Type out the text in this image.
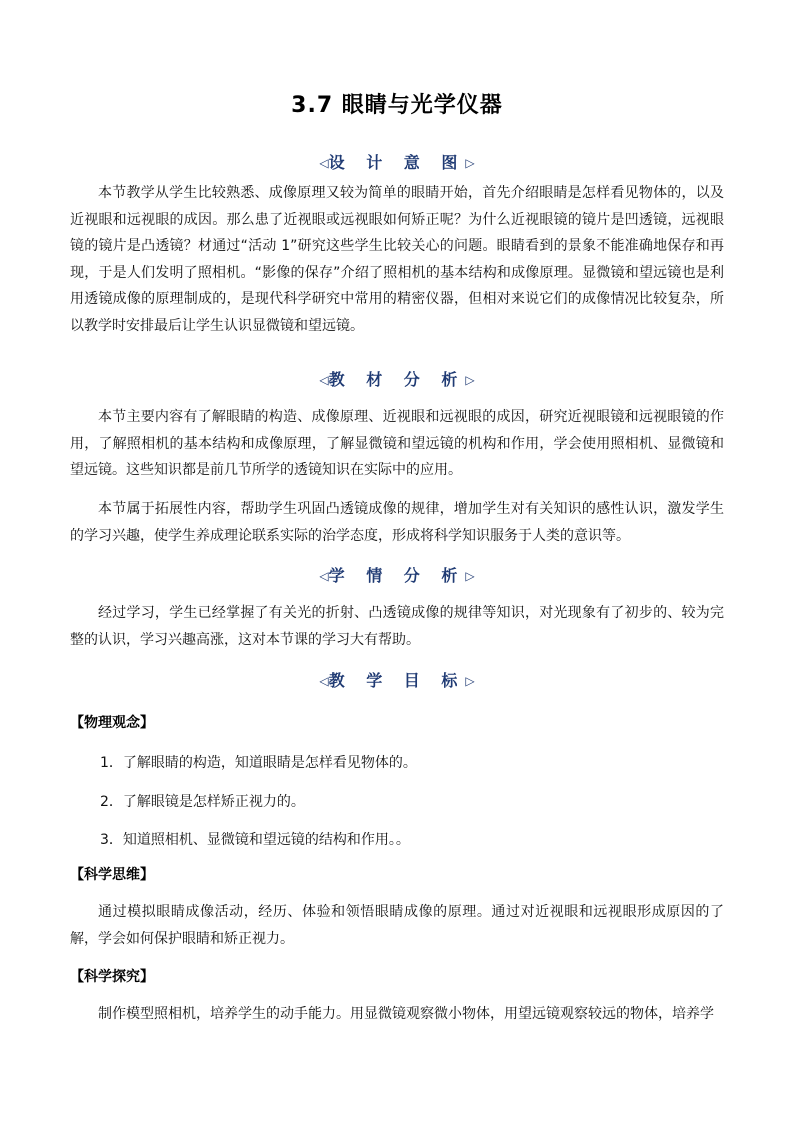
3.7 眼睛与光学仪器
◁设 计 意 图▷
本节教学从学生比较熟悉、成像原理又较为简单的眼睛开始，首先介绍眼睛是怎样看见物体的，以及近视眼和远视眼的成因。那么患了近视眼或远视眼如何矫正呢？为什么近视眼镜的镜片是凹透镜，远视眼镜的镜片是凸透镜？材通过“活动 1”研究这些学生比较关心的问题。眼睛看到的景象不能准确地保存和再现，于是人们发明了照相机。“影像的保存”介绍了照相机的基本结构和成像原理。显微镜和望远镜也是利用透镜成像的原理制成的，是现代科学研究中常用的精密仪器，但相对来说它们的成像情况比较复杂，所以教学时安排最后让学生认识显微镜和望远镜。
◁教 材 分 析▷
本节主要内容有了解眼睛的构造、成像原理、近视眼和远视眼的成因，研究近视眼镜和远视眼镜的作用，了解照相机的基本结构和成像原理，了解显微镜和望远镜的机构和作用，学会使用照相机、显微镜和望远镜。这些知识都是前几节所学的透镜知识在实际中的应用。
本节属于拓展性内容，帮助学生巩固凸透镜成像的规律，增加学生对有关知识的感性认识，激发学生的学习兴趣，使学生养成理论联系实际的治学态度，形成将科学知识服务于人类的意识等。
◁学 情 分 析▷
经过学习，学生已经掌握了有关光的折射、凸透镜成像的规律等知识，对光现象有了初步的、较为完整的认识，学习兴趣高涨，这对本节课的学习大有帮助。
◁教 学 目 标▷
【物理观念】
1．了解眼睛的构造，知道眼睛是怎样看见物体的。
2．了解眼镜是怎样矫正视力的。
3．知道照相机、显微镜和望远镜的结构和作用。。
【科学思维】
通过模拟眼睛成像活动，经历、体验和领悟眼睛成像的原理。通过对近视眼和远视眼形成原因的了解，学会如何保护眼睛和矫正视力。
【科学探究】
制作模型照相机，培养学生的动手能力。用显微镜观察微小物体，用望远镜观察较远的物体，培养学
